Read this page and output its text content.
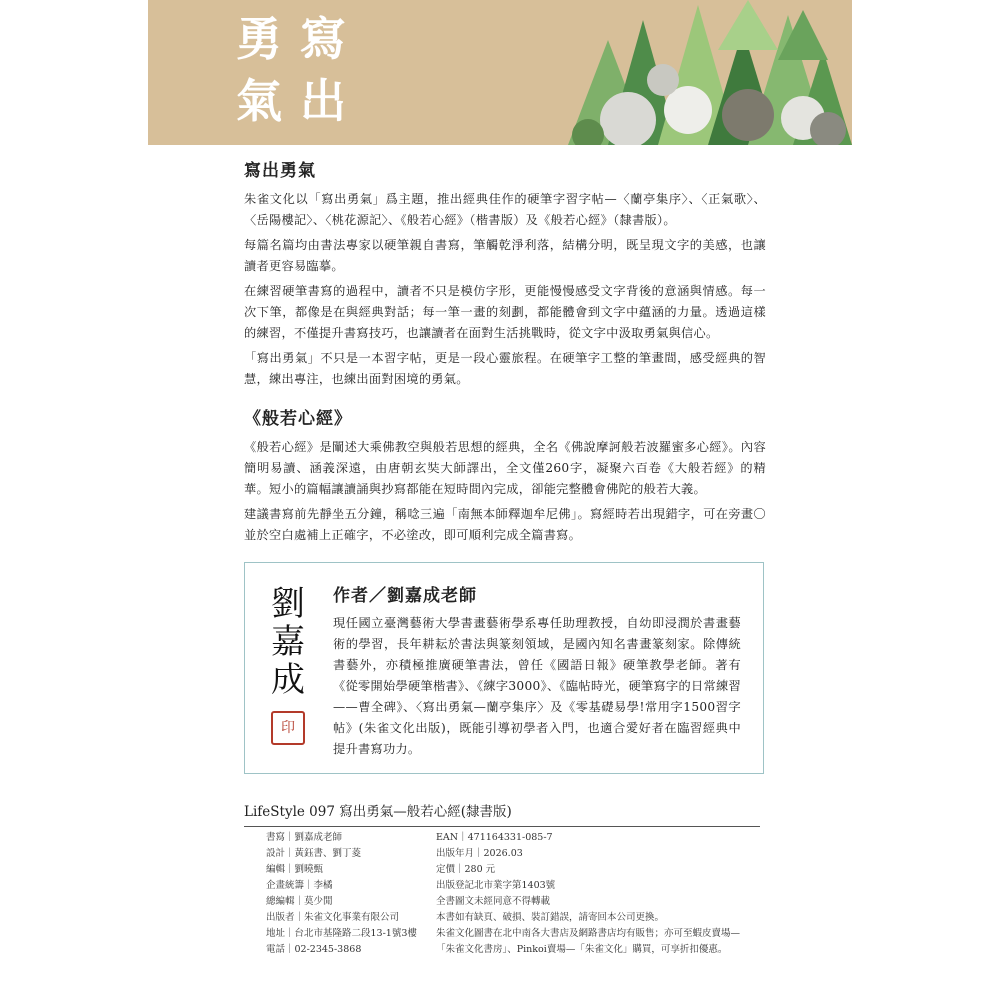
勇 寫
氣 出
寫出勇氣

朱雀文化以「寫出勇氣」爲主題，推出經典佳作的硬筆字習字帖—〈蘭亭集序〉、〈正氣歌〉、〈岳陽樓記〉、〈桃花源記〉、《般若心經》（楷書版）及《般若心經》（隸書版）。

每篇名篇均由書法專家以硬筆親自書寫，筆觸乾淨利落，結構分明，既呈現文字的美感，也讓讀者更容易臨摹。

在練習硬筆書寫的過程中，讀者不只是模仿字形，更能慢慢感受文字背後的意涵與情感。每一次下筆，都像是在與經典對話；每一筆一畫的刻劃，都能體會到文字中蘊涵的力量。透過這樣的練習，不僅提升書寫技巧，也讓讀者在面對生活挑戰時，從文字中汲取勇氣與信心。

「寫出勇氣」不只是一本習字帖，更是一段心靈旅程。在硬筆字工整的筆畫間，感受經典的智慧，練出專注，也練出面對困境的勇氣。

《般若心經》

《般若心經》是闡述大乘佛教空與般若思想的經典，全名《佛說摩訶般若波羅蜜多心經》。內容簡明易讀、涵義深遠，由唐朝玄奘大師譯出，全文僅260字，凝聚六百卷《大般若經》的精華。短小的篇幅讓讀誦與抄寫都能在短時間內完成，卻能完整體會佛陀的般若大義。

建議書寫前先靜坐五分鐘，稱唸三遍「南無本師釋迦牟尼佛」。寫經時若出現錯字，可在旁畫〇並於空白處補上正確字，不必塗改，即可順利完成全篇書寫。

劉
嘉
成
印
作者／劉嘉成老師

現任國立臺灣藝術大學書畫藝術學系專任助理教授，自幼即浸潤於書畫藝術的學習，長年耕耘於書法與篆刻領域，是國內知名書畫篆刻家。除傳統書藝外，亦積極推廣硬筆書法，曾任《國語日報》硬筆教學老師。著有《從零開始學硬筆楷書》、《練字3000》、《臨帖時光，硬筆寫字的日常練習——曹全碑》、〈寫出勇氣—蘭亭集序〉及《零基礎易學!常用字1500習字帖》(朱雀文化出版)，既能引導初學者入門，也適合愛好者在臨習經典中提升書寫功力。

LifeStyle 097 寫出勇氣—般若心經(隸書版)
書寫｜劉嘉成老師
設計｜黃鈺書、劉丁菱
編輯｜劉曉甄
企畫統籌｜李橘
總編輯｜莫少閒
出版者｜朱雀文化事業有限公司
地址｜台北市基隆路二段13-1號3樓
電話｜02-2345-3868
EAN｜471164331-085-7
出版年月｜2026.03
定價｜280 元
出版登記北市業字第1403號
全書圖文未經同意不得轉載
本書如有缺頁、破損、裝訂錯誤，請寄回本公司更換。
朱雀文化圖書在北中南各大書店及網路書店均有販售；亦可至蝦皮賣場—
「朱雀文化書房」、Pinkoi賣場—「朱雀文化」購買，可享折扣優惠。
